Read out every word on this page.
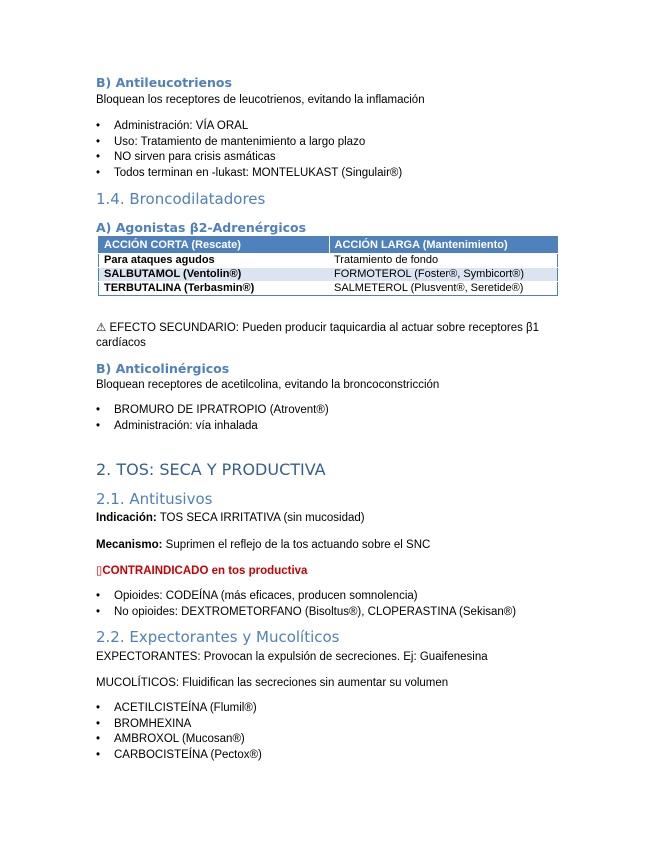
B) Antileucotrienos
Bloquean los receptores de leucotrienos, evitando la inflamación
• Administración: VÍA ORAL
• Uso: Tratamiento de mantenimiento a largo plazo
• NO sirven para crisis asmáticas
• Todos terminan en -lukast: MONTELUKAST (Singulair®)
1.4. Broncodilatadores
A) Agonistas β2-Adrenérgicos
ACCIÓN CORTA (Rescate)	ACCIÓN LARGA (Mantenimiento)
Para ataques agudos	Tratamiento de fondo
SALBUTAMOL (Ventolin®)	FORMOTEROL (Foster®, Symbicort®)
TERBUTALINA (Terbasmin®)	SALMETEROL (Plusvent®, Seretide®)
⚠ EFECTO SECUNDARIO: Pueden producir taquicardia al actuar sobre receptores β1
cardíacos
B) Anticolinérgicos
Bloquean receptores de acetilcolina, evitando la broncoconstricción
• BROMURO DE IPRATROPIO (Atrovent®)
• Administración: vía inhalada
2. TOS: SECA Y PRODUCTIVA
2.1. Antitusivos
Indicación: TOS SECA IRRITATIVA (sin mucosidad)
Mecanismo: Suprimen el reflejo de la tos actuando sobre el SNC
▯CONTRAINDICADO en tos productiva
• Opioides: CODEÍNA (más eficaces, producen somnolencia)
• No opioides: DEXTROMETORFANO (Bisoltus®), CLOPERASTINA (Sekisan®)
2.2. Expectorantes y Mucolíticos
EXPECTORANTES: Provocan la expulsión de secreciones. Ej: Guaifenesina
MUCOLÍTICOS: Fluidifican las secreciones sin aumentar su volumen
• ACETILCISTEÍNA (Flumil®)
• BROMHEXINA
• AMBROXOL (Mucosan®)
• CARBOCISTEÍNA (Pectox®)
